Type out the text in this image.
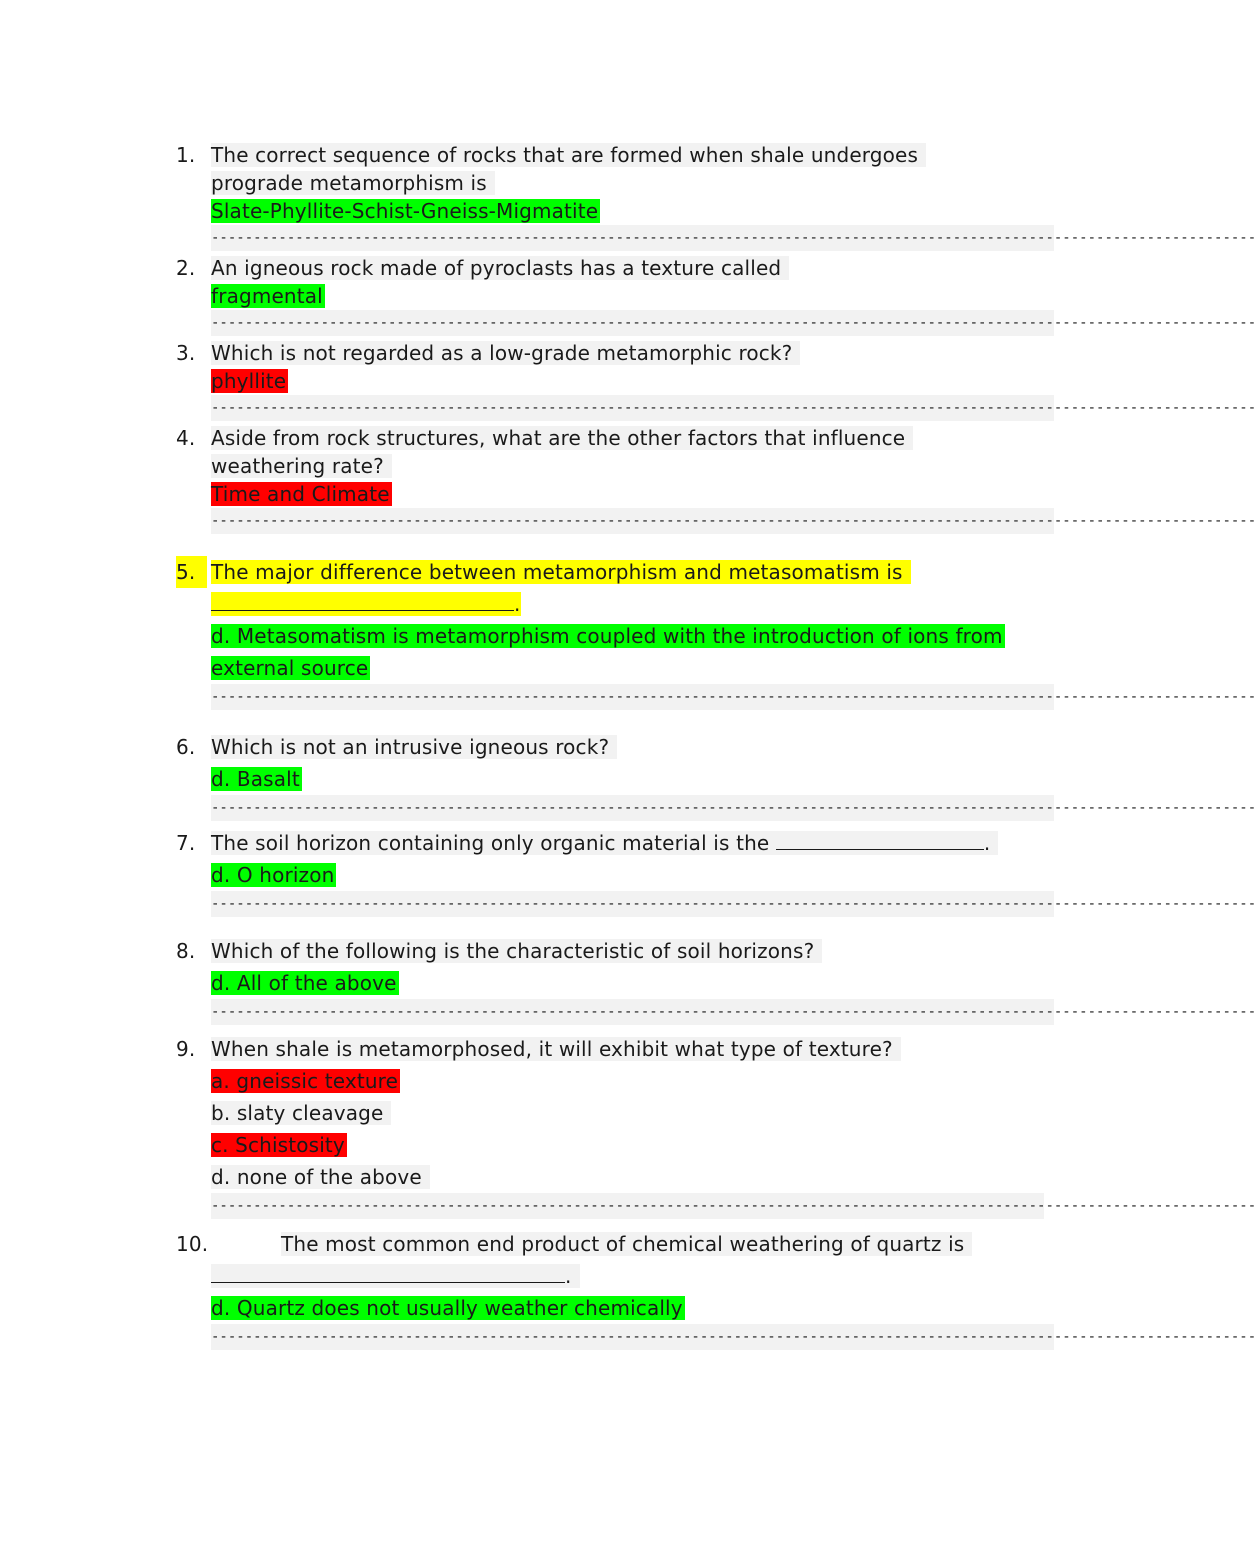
1. The correct sequence of rocks that are formed when shale undergoes
prograde metamorphism is
Slate-Phyllite-Schist-Gneiss-Migmatite
----------------------------------------------------------------------------------------------------------------------------
2. An igneous rock made of pyroclasts has a texture called
fragmental
----------------------------------------------------------------------------------------------------------------------------
3. Which is not regarded as a low-grade metamorphic rock?
phyllite
----------------------------------------------------------------------------------------------------------------------------
4. Aside from rock structures, what are the other factors that influence
weathering rate?
Time and Climate
----------------------------------------------------------------------------------------------------------------------------
5. The major difference between metamorphism and metasomatism is
.
d. Metasomatism is metamorphism coupled with the introduction of ions from
external source
----------------------------------------------------------------------------------------------------------------------------
6. Which is not an intrusive igneous rock?
d. Basalt
----------------------------------------------------------------------------------------------------------------------------
7. The soil horizon containing only organic material is the	.
d. O horizon
----------------------------------------------------------------------------------------------------------------------------
8. Which of the following is the characteristic of soil horizons?
d. All of the above
----------------------------------------------------------------------------------------------------------------------------
9. When shale is metamorphosed, it will exhibit what type of texture?
a. gneissic texture
b. slaty cleavage
c. Schistosity
d. none of the above
----------------------------------------------------------------------------------------------------------------------------
10.	The most common end product of chemical weathering of quartz is
.
d. Quartz does not usually weather chemically
----------------------------------------------------------------------------------------------------------------------------
